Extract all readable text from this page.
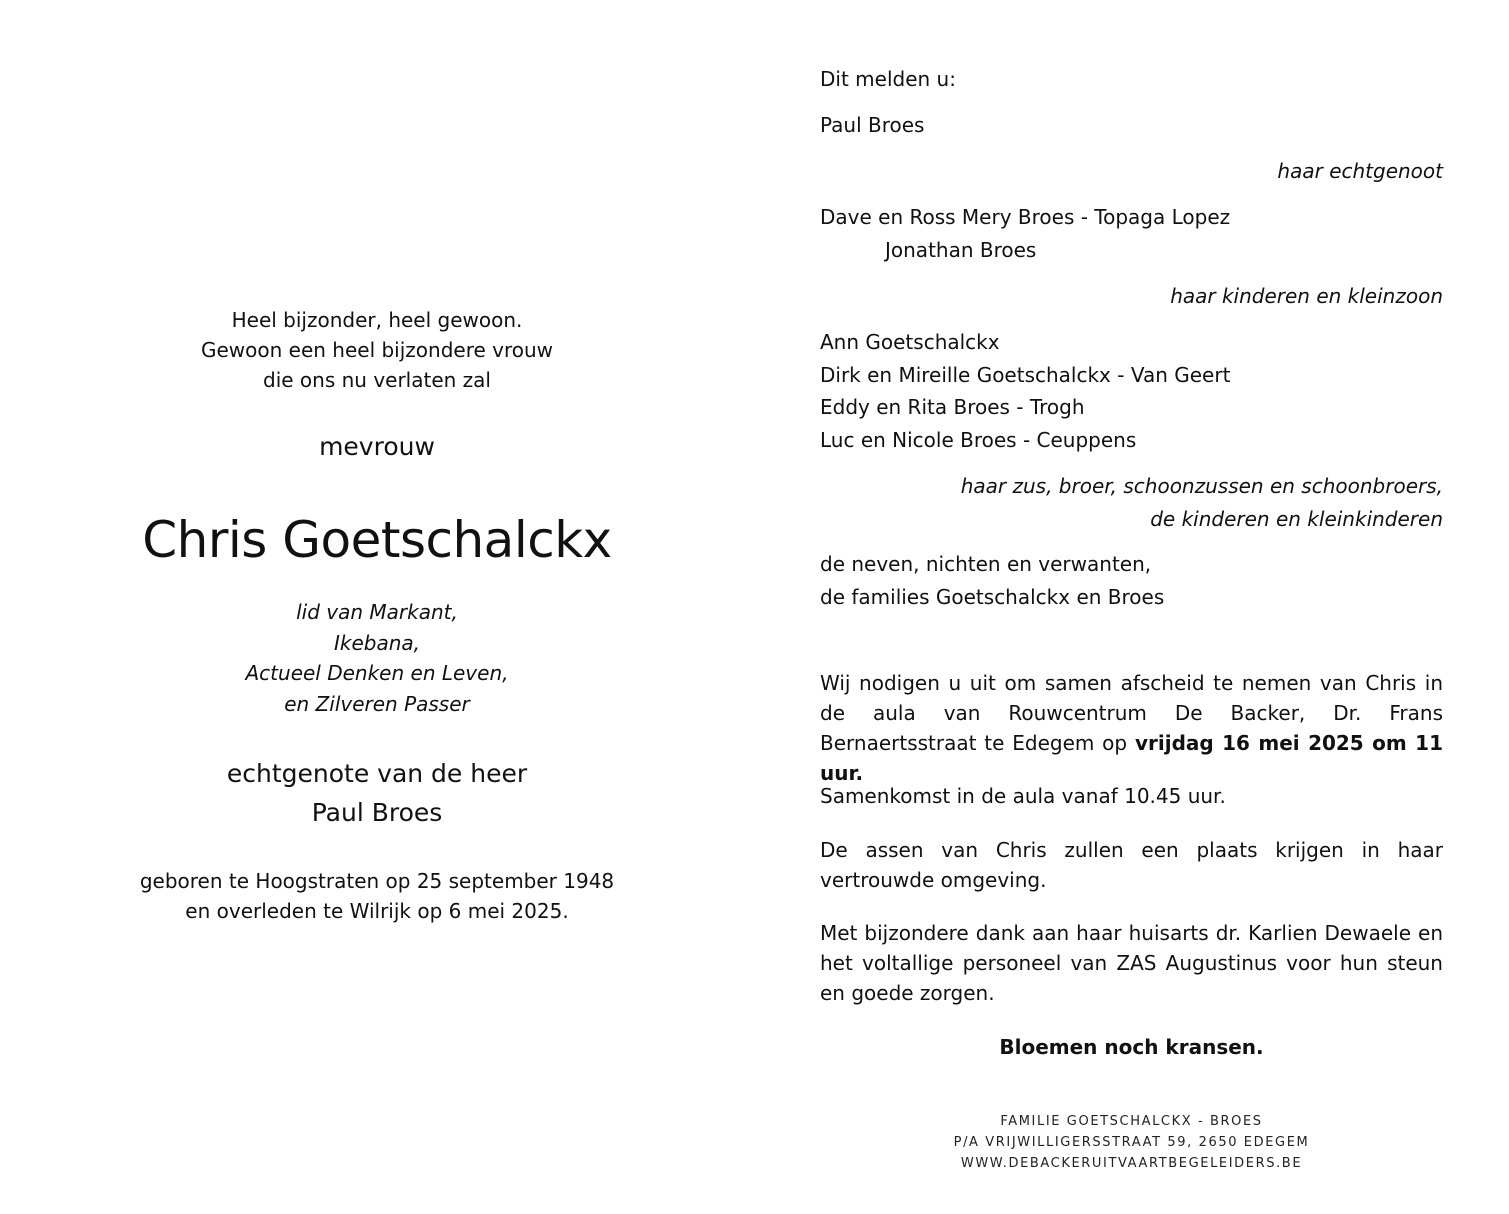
Heel bijzonder, heel gewoon.
Gewoon een heel bijzondere vrouw
die ons nu verlaten zal
mevrouw
Chris Goetschalckx
lid van Markant,
Ikebana,
Actueel Denken en Leven,
en Zilveren Passer
echtgenote van de heer
Paul Broes
geboren te Hoogstraten op 25 september 1948
en overleden te Wilrijk op 6 mei 2025.
Dit melden u:
Paul Broes
haar echtgenoot
Dave en Ross Mery Broes - Topaga Lopez
Jonathan Broes
haar kinderen en kleinzoon
Ann Goetschalckx
Dirk en Mireille Goetschalckx - Van Geert
Eddy en Rita Broes - Trogh
Luc en Nicole Broes - Ceuppens
haar zus, broer, schoonzussen en schoonbroers,
de kinderen en kleinkinderen
de neven, nichten en verwanten,
de families Goetschalckx en Broes

Wij nodigen u uit om samen afscheid te nemen van Chris in de aula van Rouwcentrum De Backer, Dr. Frans Bernaertsstraat te Edegem op vrijdag 16 mei 2025 om 11 uur.

Samenkomst in de aula vanaf 10.45 uur.

De assen van Chris zullen een plaats krijgen in haar vertrouwde omgeving.

Met bijzondere dank aan haar huisarts dr. Karlien Dewaele en het voltallige personeel van ZAS Augustinus voor hun steun en goede zorgen.

Bloemen noch kransen.
FAMILIE GOETSCHALCKX - BROES
P/A VRIJWILLIGERSSTRAAT 59, 2650 EDEGEM
WWW.DEBACKERUITVAARTBEGELEIDERS.BE
